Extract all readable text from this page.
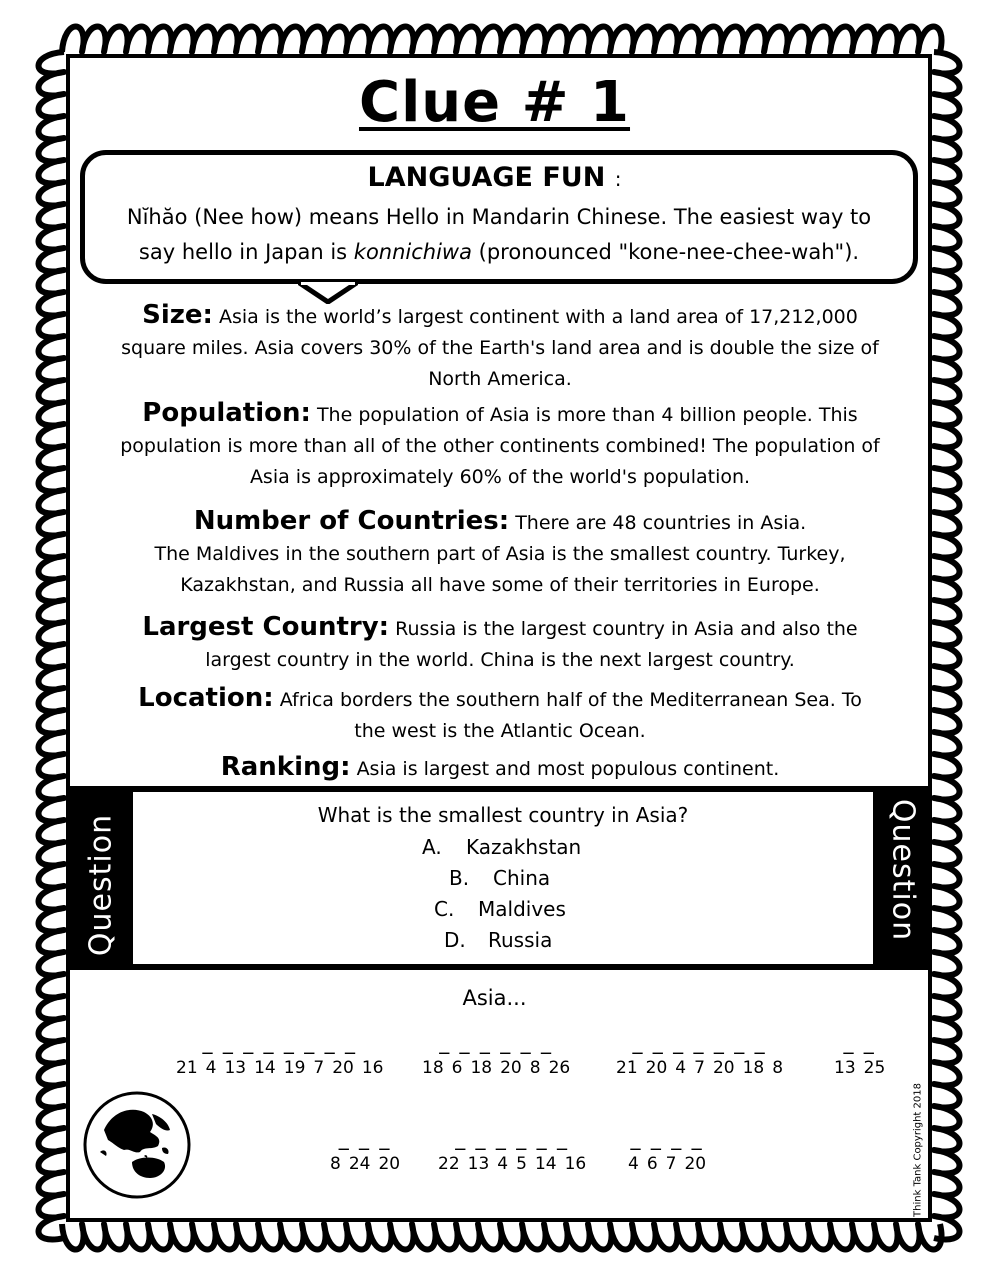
Clue # 1
LANGUAGE FUN :
Nĭhăo (Nee how) means Hello in Mandarin Chinese. The easiest way to
say hello in Japan is konnichiwa (pronounced "kone-nee-chee-wah").
Size: Asia is the world’s largest continent with a land area of 17,212,000
square miles. Asia covers 30% of the Earth's land area and is double the size of
North America.
Population: The population of Asia is more than 4 billion people. This
population is more than all of the other continents combined! The population of
Asia is approximately 60% of the world's population.
Number of Countries: There are 48 countries in Asia.
The Maldives in the southern part of Asia is the smallest country. Turkey,
Kazakhstan, and Russia all have some of their territories in Europe.
Largest Country: Russia is the largest country in Asia and also the
largest country in the world. China is the next largest country.
Location: Africa borders the southern half of the Mediterranean Sea. To
the west is the Atlantic Ocean.
Ranking: Asia is largest and most populous continent.
Question	Question
What is the smallest country in Asia?
A. Kazakhstan
B. China
C. Maldives
D. Russia
Asia...
_ _ _ _ _ _ _ _
21 4 13 14 19 7 20 16
_ _ _ _ _ _
18 6 18 20 8 26
_ _ _ _ _ _ _
21 20 4 7 20 18 8
_ _
13 25
_ _ _
8 24 20
_ _ _ _ _ _
22 13 4 5 14 16
_ _ _ _
4 6 7 20	Think Tank Copyright 2018
